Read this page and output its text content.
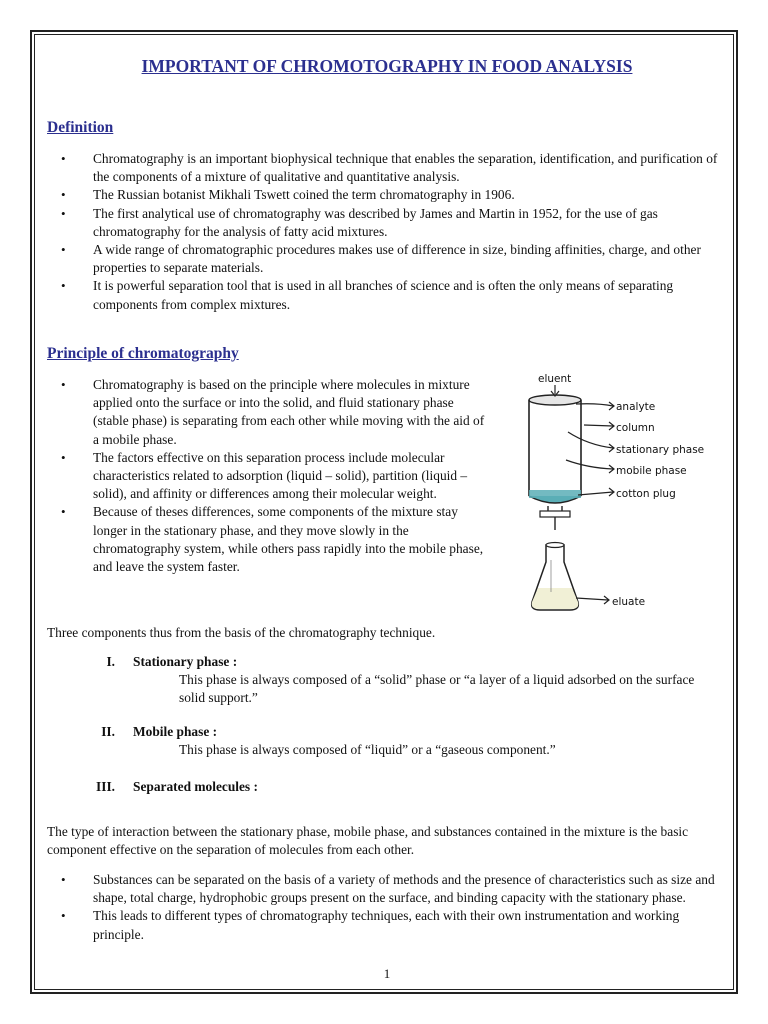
IMPORTANT OF CHROMOTOGRAPHY IN FOOD ANALYSIS
Definition
• Chromatography is an important biophysical technique that enables the separation, identification, and purification of the components of a mixture of qualitative and quantitative analysis.
• The Russian botanist Mikhali Tswett coined the term chromatography in 1906.
• The first analytical use of chromatography was described by James and Martin in 1952, for the use of gas chromatography for the analysis of fatty acid mixtures.
• A wide range of chromatographic procedures makes use of difference in size, binding affinities, charge, and other properties to separate materials.
• It is powerful separation tool that is used in all branches of science and is often the only means of separating components from complex mixtures.
Principle of chromatography
• Chromatography is based on the principle where molecules in mixture applied onto the surface or into the solid, and fluid stationary phase (stable phase) is separating from each other while moving with the aid of a mobile phase.
• The factors effective on this separation process include molecular characteristics related to adsorption (liquid – solid), partition (liquid – solid), and affinity or differences among their molecular weight.
• Because of theses differences, some components of the mixture stay longer in the stationary phase, and they move slowly in the chromatography system, while others pass rapidly into the mobile phase, and leave the system faster.

Three components thus from the basis of the chromatography technique.

I. Stationary phase :
This phase is always composed of a “solid” phase or “a layer of a liquid adsorbed on the surface solid support.”
II. Mobile phase :
This phase is always composed of “liquid” or a “gaseous component.”
III. Separated molecules :

The type of interaction between the stationary phase, mobile phase, and substances contained in the mixture is the basic component effective on the separation of molecules from each other.

• Substances can be separated on the basis of a variety of methods and the presence of characteristics such as size and shape, total charge, hydrophobic groups present on the surface, and binding capacity with the stationary phase.
• This leads to different types of chromatography techniques, each with their own instrumentation and working principle.

1

eluent
analyte
column
stationary phase
mobile phase
cotton plug
eluate
